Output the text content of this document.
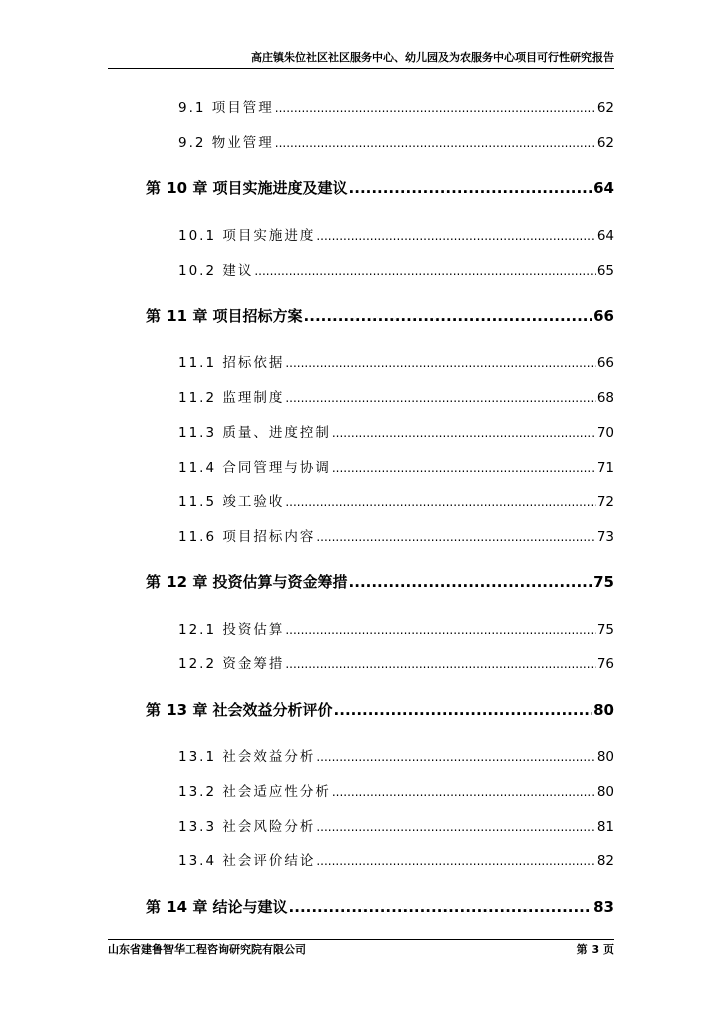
高庄镇朱位社区社区服务中心、幼儿园及为农服务中心项目可行性研究报告
9.1 项目管理 .....	62
9.2 物业管理 .....	62
第 10 章 项目实施进度及建议 .....	64
10.1 项目实施进度 .....	64
10.2 建议 .....	65
第 11 章 项目招标方案 .....	66
11.1 招标依据 .....	66
11.2 监理制度 .....	68
11.3 质量、进度控制 .....	70
11.4 合同管理与协调 .....	71
11.5 竣工验收 .....	72
11.6 项目招标内容 .....	73
第 12 章 投资估算与资金筹措 .....	75
12.1 投资估算 .....	75
12.2 资金筹措 .....	76
第 13 章 社会效益分析评价 .....	80
13.1 社会效益分析 .....	80
13.2 社会适应性分析 .....	80
13.3 社会风险分析 .....	81
13.4 社会评价结论 .....	82
第 14 章 结论与建议 .....	83
山东省建鲁智华工程咨询研究院有限公司	第 3 页
